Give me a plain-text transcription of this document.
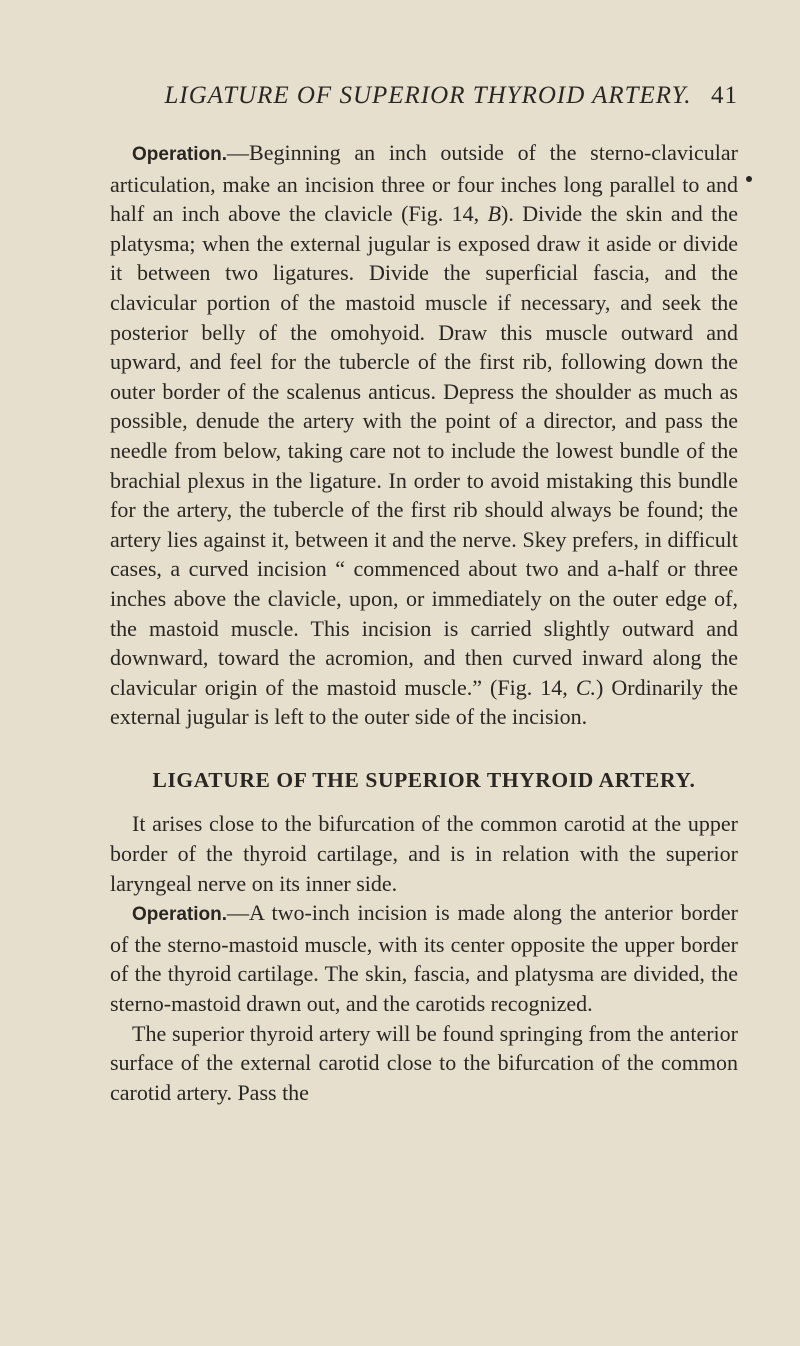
LIGATURE OF SUPERIOR THYROID ARTERY. 41

Operation.—Beginning an inch outside of the sterno-clavicular articulation, make an incision three or four inches long parallel to and half an inch above the clavicle (Fig. 14, B). Divide the skin and the platysma; when the external jugular is exposed draw it aside or divide it between two ligatures. Divide the superficial fascia, and the clavicular portion of the mastoid muscle if necessary, and seek the posterior belly of the omohyoid. Draw this muscle outward and upward, and feel for the tubercle of the first rib, following down the outer border of the scalenus anticus. Depress the shoulder as much as possible, denude the artery with the point of a director, and pass the needle from below, taking care not to include the lowest bundle of the brachial plexus in the ligature. In order to avoid mistaking this bundle for the artery, the tubercle of the first rib should always be found; the artery lies against it, between it and the nerve. Skey prefers, in difficult cases, a curved incision “ commenced about two and a-half or three inches above the clavicle, upon, or immediately on the outer edge of, the mastoid muscle. This incision is carried slightly outward and downward, toward the acromion, and then curved inward along the clavicular origin of the mastoid muscle.” (Fig. 14, C.) Ordinarily the external jugular is left to the outer side of the incision.

LIGATURE OF THE SUPERIOR THYROID ARTERY.

It arises close to the bifurcation of the common carotid at the upper border of the thyroid cartilage, and is in relation with the superior laryngeal nerve on its inner side.

Operation.—A two-inch incision is made along the anterior border of the sterno-mastoid muscle, with its center opposite the upper border of the thyroid cartilage. The skin, fascia, and platysma are divided, the sterno-mastoid drawn out, and the carotids recognized.

The superior thyroid artery will be found springing from the anterior surface of the external carotid close to the bifurcation of the common carotid artery. Pass the
